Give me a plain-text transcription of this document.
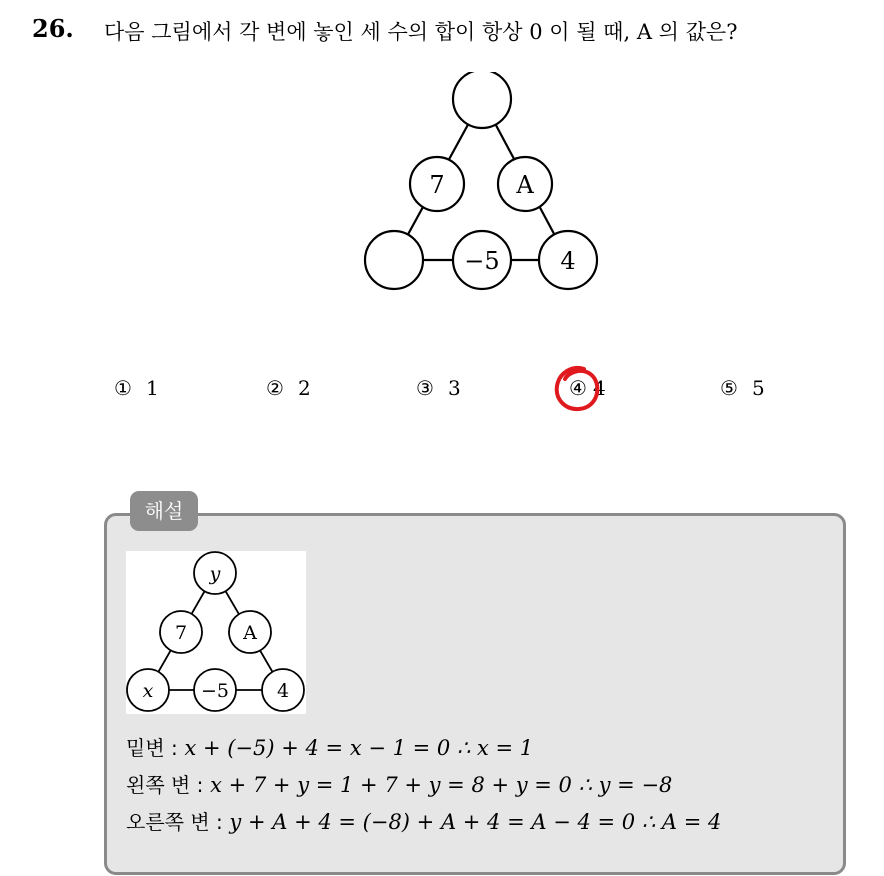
26. 다음 그림에서 각 변에 놓인 세 수의 합이 항상 0 이 될 때, A 의 값은?
7	A
−5	4
① 1	② 2	③ 3	④ 4	⑤ 5
해설
y
7	A
x	−5	4
밑변 : x + (−5) + 4 = x − 1 = 0 ∴ x = 1
왼쪽 변 : x + 7 + y = 1 + 7 + y = 8 + y = 0 ∴ y = −8
오른쪽 변 : y + A + 4 = (−8) + A + 4 = A − 4 = 0 ∴ A = 4
